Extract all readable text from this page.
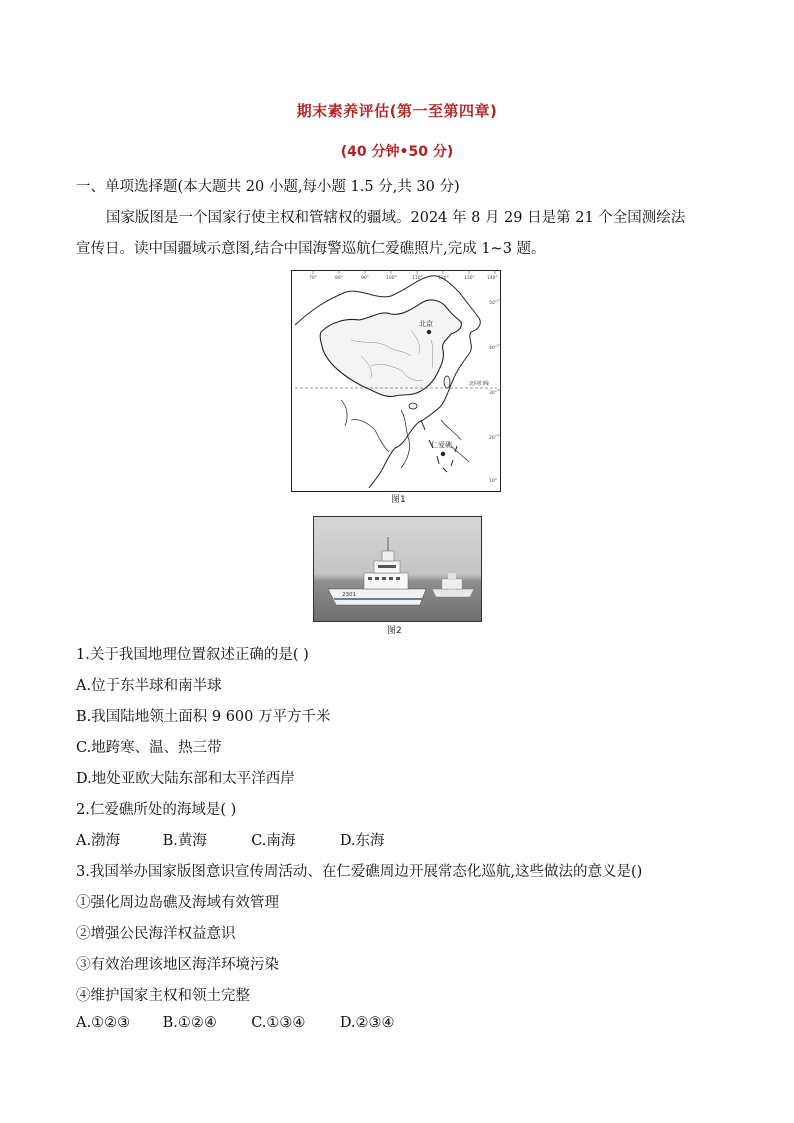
期末素养评估(第一至第四章)
(40 分钟•50 分)
一、单项选择题(本大题共 20 小题,每小题 1.5 分,共 30 分)
国家版图是一个国家行使主权和管辖权的疆域。2024 年 8 月 29 日是第 21 个全国测绘法
宣传日。读中国疆域示意图,结合中国海警巡航仁爱礁照片,完成 1~3 题。
北京
仁爱礁
北回归线
70°	80°	90°	100°	110°	120°	130°	140°
50°
40°
30°
20°
10°
图1
2301
图2
1.关于我国地理位置叙述正确的是( )
A.位于东半球和南半球
B.我国陆地领土面积 9 600 万平方千米
C.地跨寒、温、热三带
D.地处亚欧大陆东部和太平洋西岸
2.仁爱礁所处的海域是( )
A.渤海	B.黄海	C.南海	D.东海
3.我国举办国家版图意识宣传周活动、在仁爱礁周边开展常态化巡航,这些做法的意义是()
①强化周边岛礁及海域有效管理
②增强公民海洋权益意识
③有效治理该地区海洋环境污染
④维护国家主权和领土完整
A.①②③ B.①②④ C.①③④ D.②③④
